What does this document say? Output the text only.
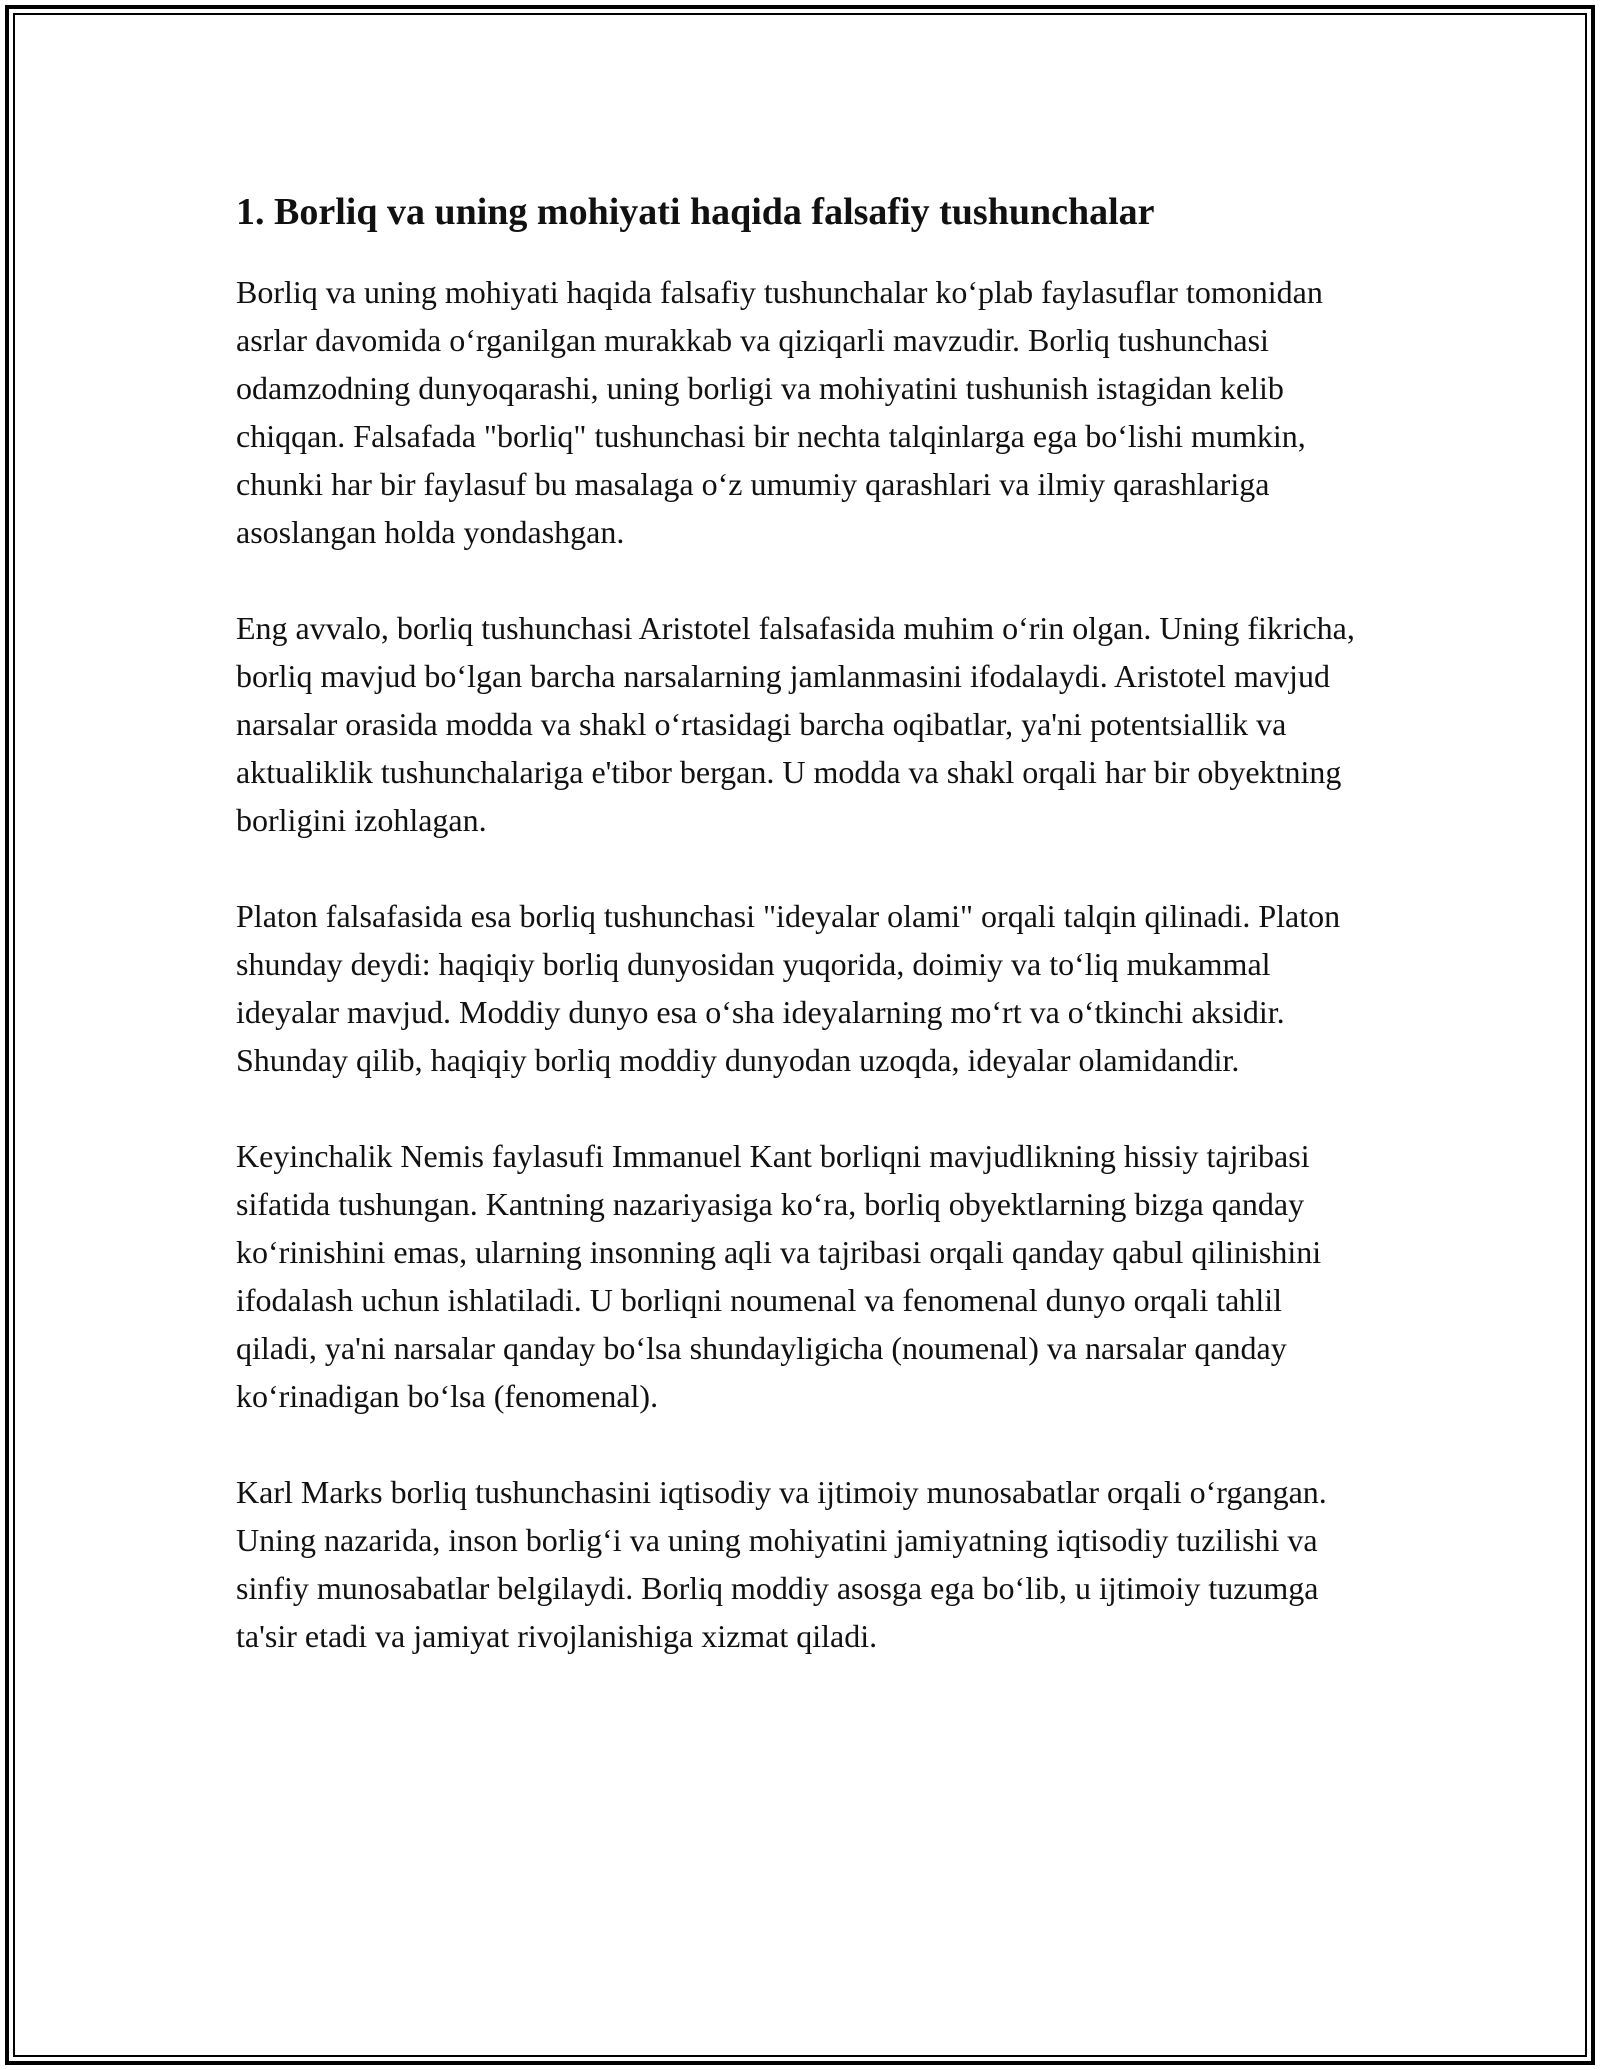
1. Borliq va uning mohiyati haqida falsafiy tushunchalar

Borliq va uning mohiyati haqida falsafiy tushunchalar ko‘plab faylasuflar tomonidan asrlar davomida o‘rganilgan murakkab va qiziqarli mavzudir. Borliq tushunchasi odamzodning dunyoqarashi, uning borligi va mohiyatini tushunish istagidan kelib chiqqan. Falsafada "borliq" tushunchasi bir nechta talqinlarga ega bo‘lishi mumkin, chunki har bir faylasuf bu masalaga o‘z umumiy qarashlari va ilmiy qarashlariga asoslangan holda yondashgan.

Eng avvalo, borliq tushunchasi Aristotel falsafasida muhim o‘rin olgan. Uning fikricha, borliq mavjud bo‘lgan barcha narsalarning jamlanmasini ifodalaydi. Aristotel mavjud narsalar orasida modda va shakl o‘rtasidagi barcha oqibatlar, ya'ni potentsiallik va aktualiklik tushunchalariga e'tibor bergan. U modda va shakl orqali har bir obyektning borligini izohlagan.

Platon falsafasida esa borliq tushunchasi "ideyalar olami" orqali talqin qilinadi. Platon shunday deydi: haqiqiy borliq dunyosidan yuqorida, doimiy va to‘liq mukammal ideyalar mavjud. Moddiy dunyo esa o‘sha ideyalarning mo‘rt va o‘tkinchi aksidir. Shunday qilib, haqiqiy borliq moddiy dunyodan uzoqda, ideyalar olamidandir.

Keyinchalik Nemis faylasufi Immanuel Kant borliqni mavjudlikning hissiy tajribasi sifatida tushungan. Kantning nazariyasiga ko‘ra, borliq obyektlarning bizga qanday ko‘rinishini emas, ularning insonning aqli va tajribasi orqali qanday qabul qilinishini ifodalash uchun ishlatiladi. U borliqni noumenal va fenomenal dunyo orqali tahlil qiladi, ya'ni narsalar qanday bo‘lsa shundayligicha (noumenal) va narsalar qanday ko‘rinadigan bo‘lsa (fenomenal).

Karl Marks borliq tushunchasini iqtisodiy va ijtimoiy munosabatlar orqali o‘rgangan. Uning nazarida, inson borlig‘i va uning mohiyatini jamiyatning iqtisodiy tuzilishi va sinfiy munosabatlar belgilaydi. Borliq moddiy asosga ega bo‘lib, u ijtimoiy tuzumga ta'sir etadi va jamiyat rivojlanishiga xizmat qiladi.
